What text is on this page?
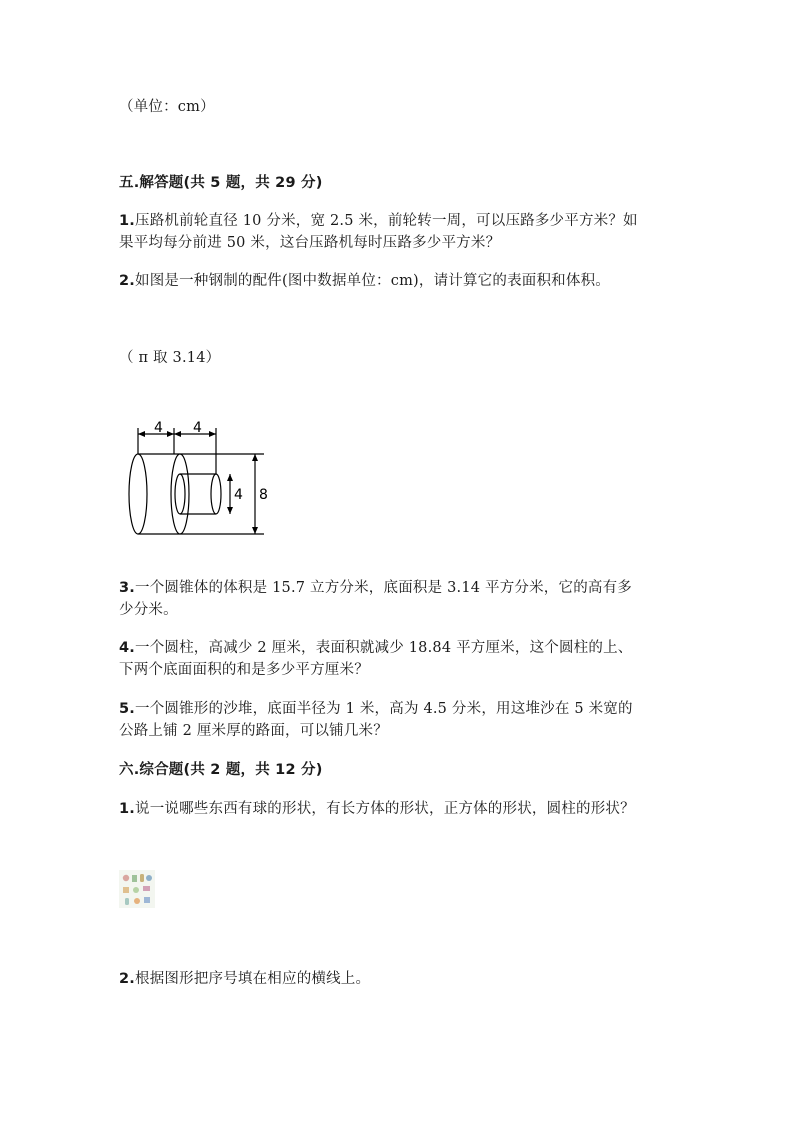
（单位：cm）
五.解答题(共 5 题，共 29 分)
1.压路机前轮直径 10 分米，宽 2.5 米，前轮转一周，可以压路多少平方米？如
果平均每分前进 50 米，这台压路机每时压路多少平方米？
2.如图是一种钢制的配件(图中数据单位：cm)，请计算它的表面积和体积。
（ π 取 3.14）
4 4
4 8
3.一个圆锥体的体积是 15.7 立方分米，底面积是 3.14 平方分米，它的高有多
少分米。
4.一个圆柱，高减少 2 厘米，表面积就减少 18.84 平方厘米，这个圆柱的上、
下两个底面面积的和是多少平方厘米？
5.一个圆锥形的沙堆，底面半径为 1 米，高为 4.5 分米，用这堆沙在 5 米宽的
公路上铺 2 厘米厚的路面，可以铺几米？
六.综合题(共 2 题，共 12 分)
1.说一说哪些东西有球的形状，有长方体的形状，正方体的形状，圆柱的形状？
2.根据图形把序号填在相应的横线上。
